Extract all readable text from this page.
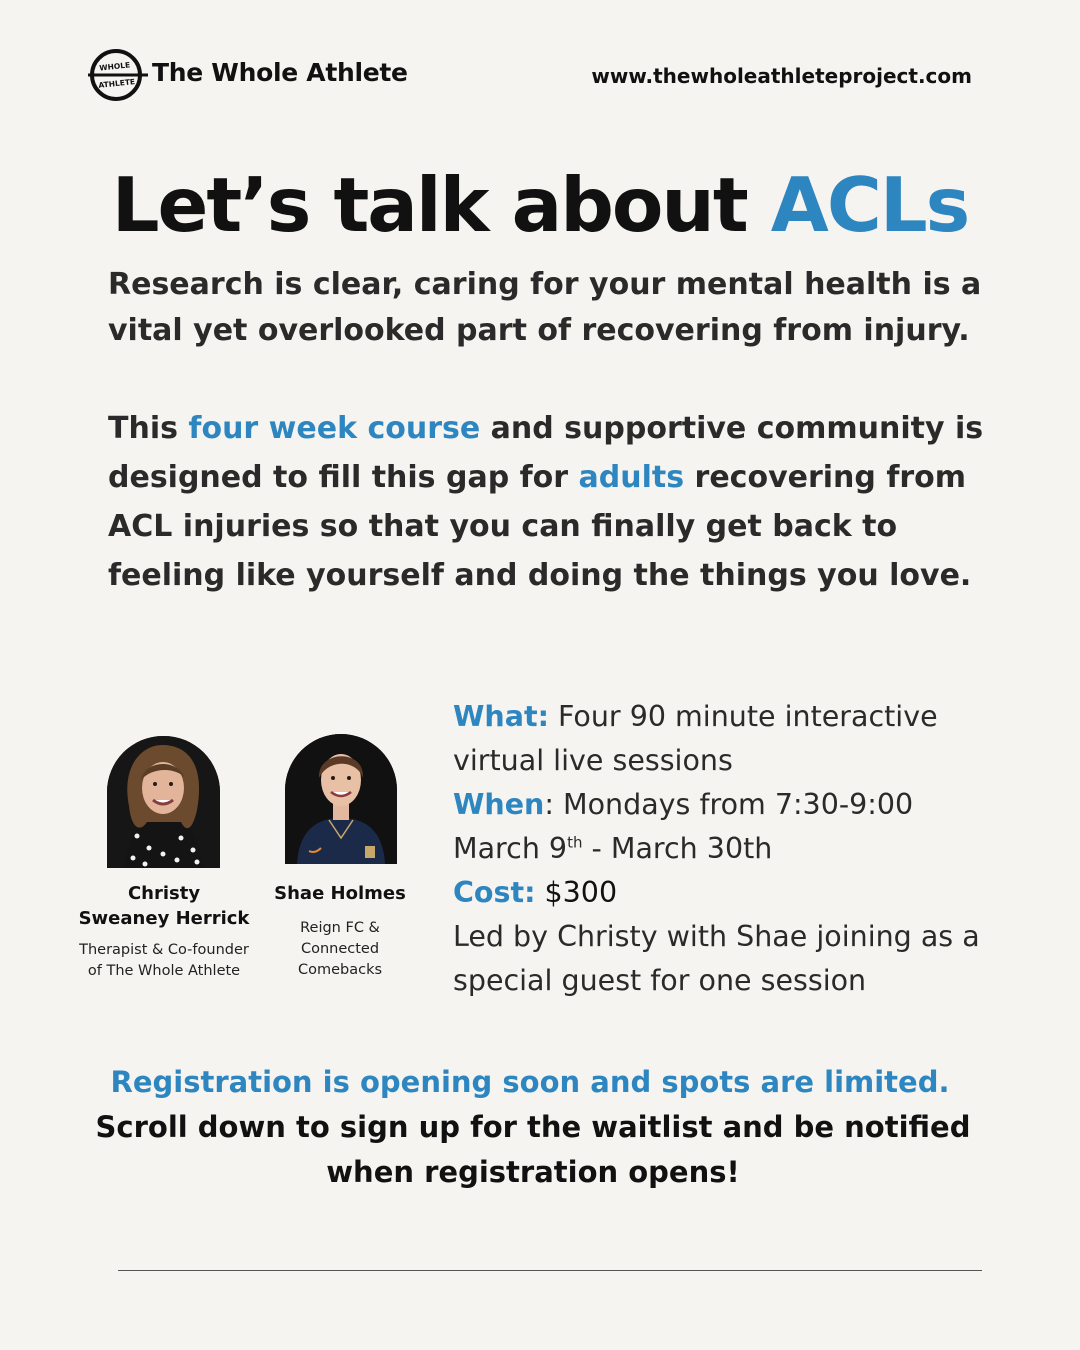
WHOLE
ATHLETE The Whole Athlete	www.thewholeathleteproject.com
Let’s talk about ACLs
Research is clear, caring for your mental health is a vital yet overlooked part of recovering from injury.
This four week course and supportive community is designed to fill this gap for adults recovering from ACL injuries so that you can finally get back to feeling like yourself and doing the things you love.
Christy
Sweaney Herrick
Therapist & Co-founder
of The Whole Athlete
Shae Holmes
Reign FC &
Connected
Comebacks
What: Four 90 minute interactive virtual live sessions
When: Mondays from 7:30-9:00
March 9th - March 30th
Cost: $300
Led by Christy with Shae joining as a special guest for one session
Registration is opening soon and spots are limited.
Scroll down to sign up for the waitlist and be notified
when registration opens!
